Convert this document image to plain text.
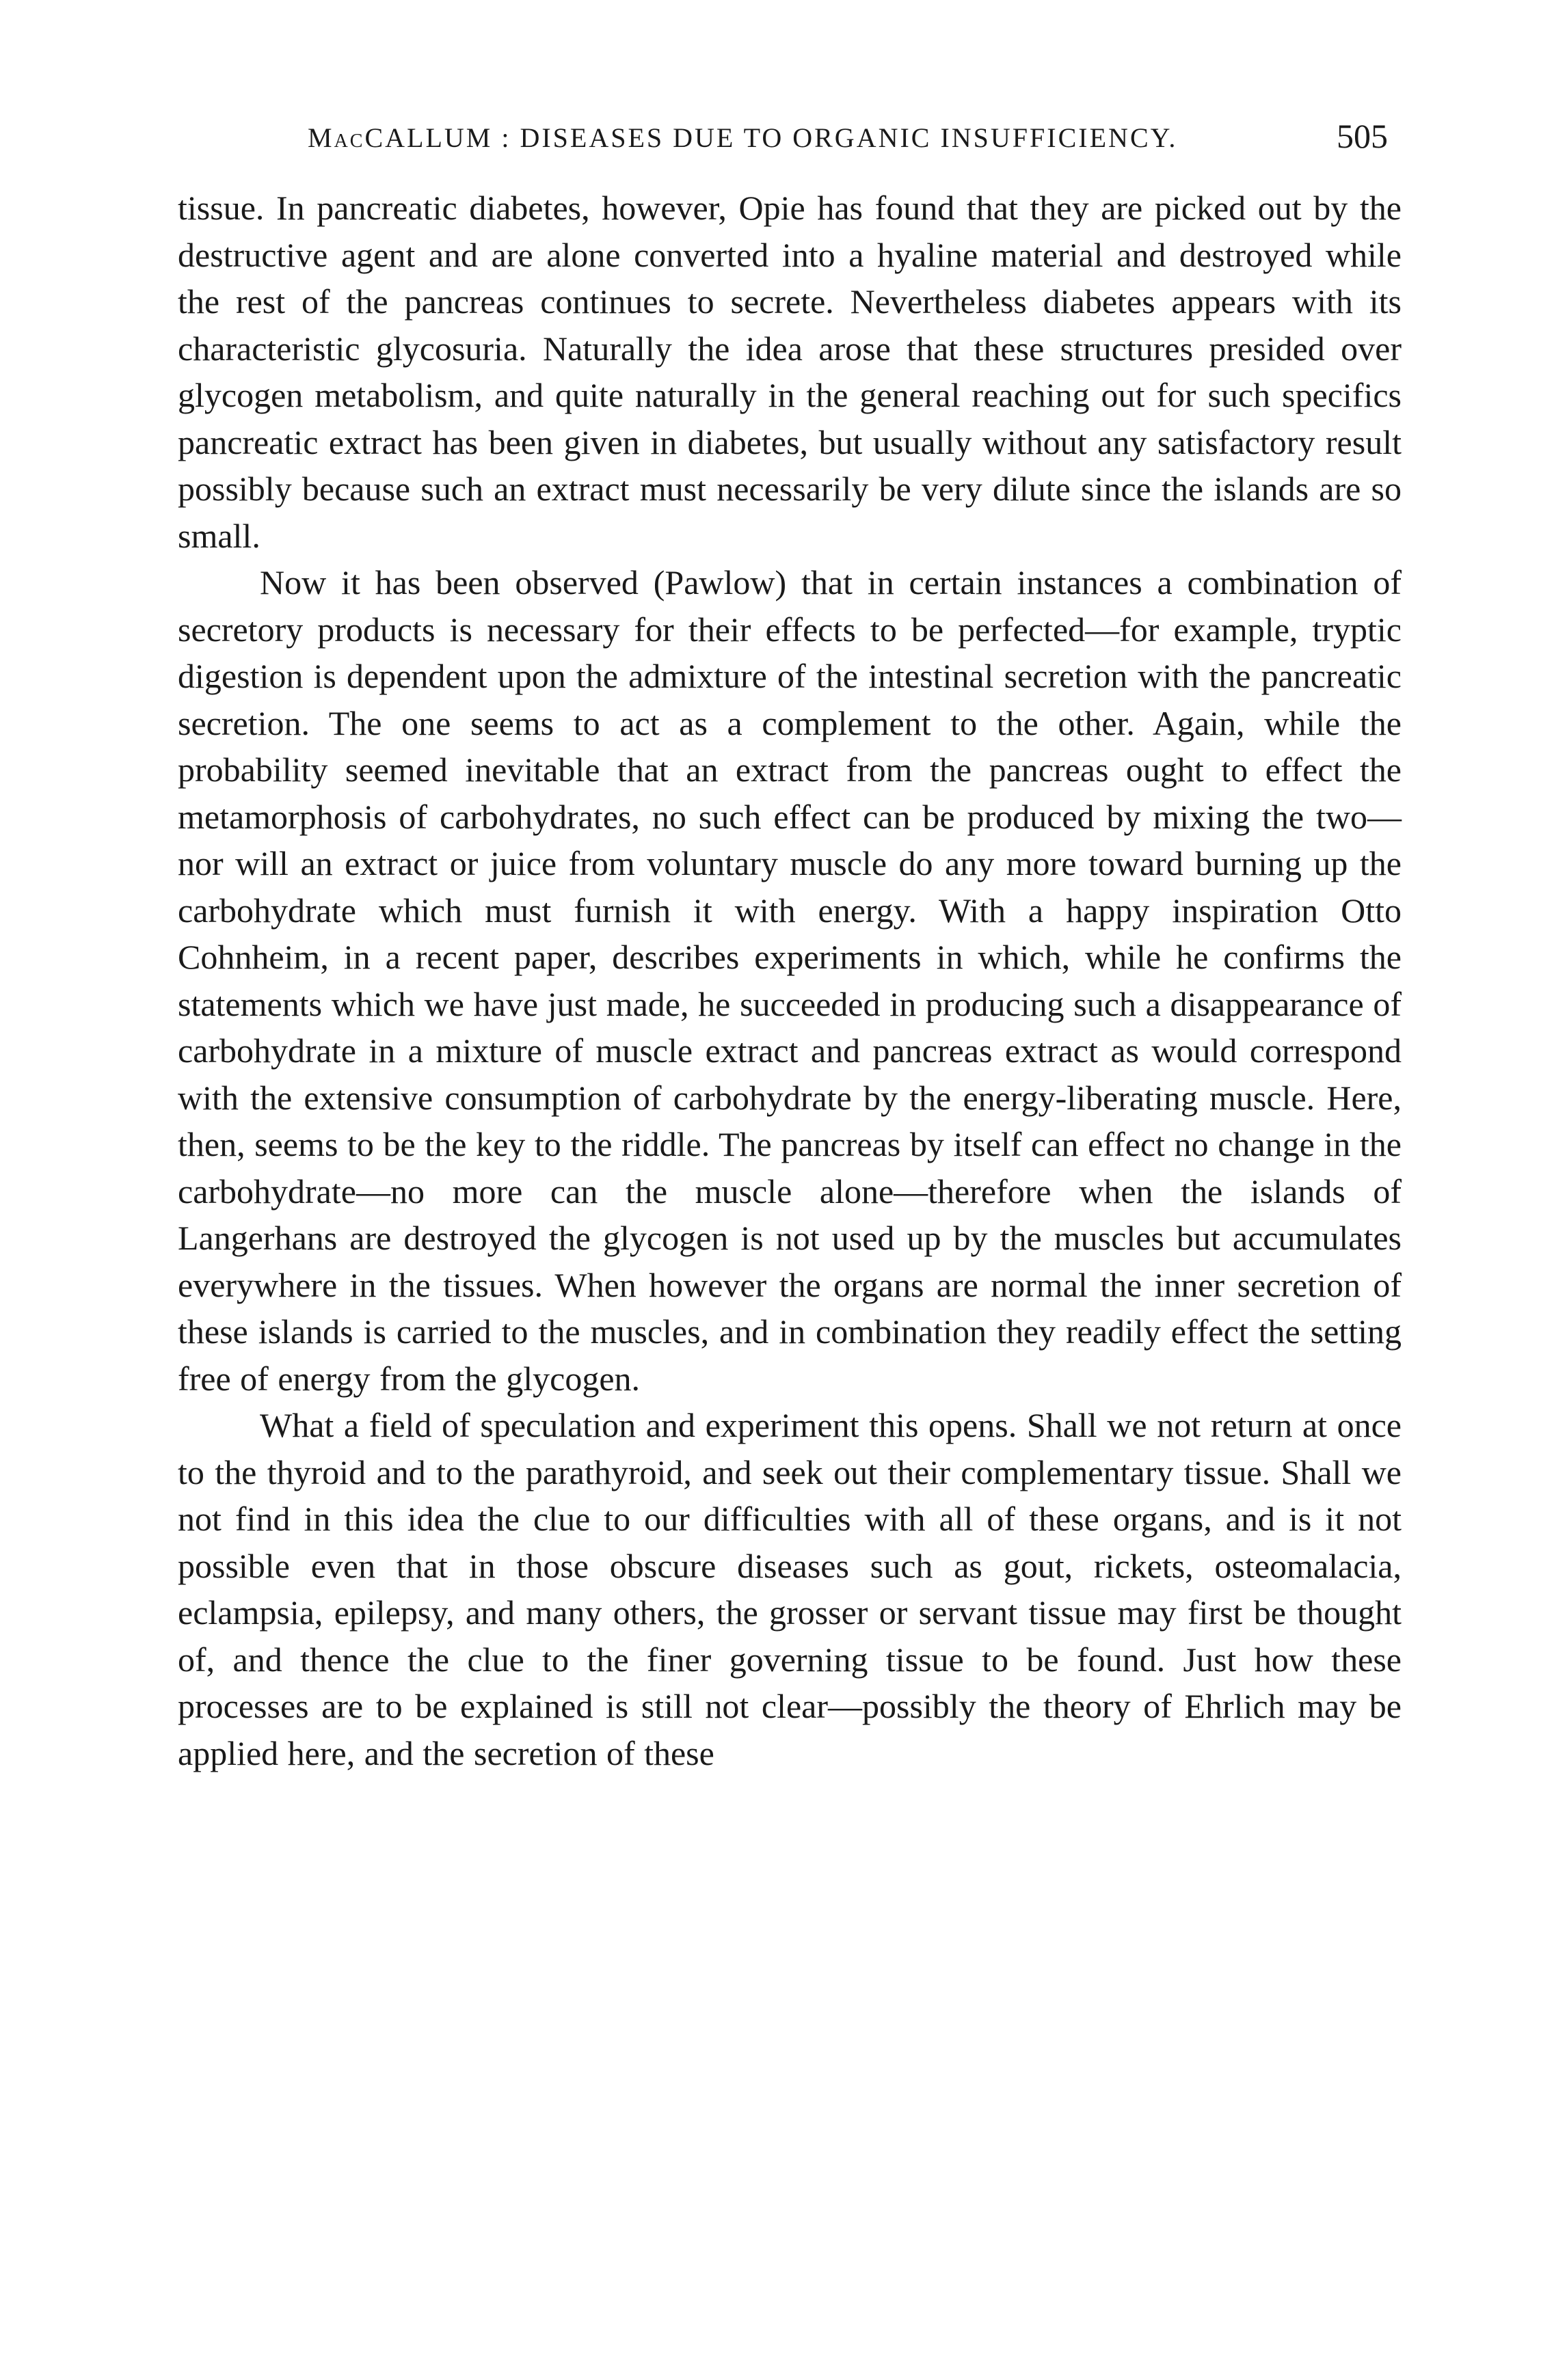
MacCALLUM : DISEASES DUE TO ORGANIC INSUFFICIENCY.	505

tissue. In pancreatic diabetes, however, Opie has found that they are picked out by the destructive agent and are alone converted into a hyaline material and destroyed while the rest of the pancreas continues to secrete. Nevertheless diabetes appears with its characteristic glycosuria. Naturally the idea arose that these structures presided over glycogen metabolism, and quite naturally in the general reaching out for such specifics pancreatic extract has been given in diabetes, but usually without any satisfactory result possibly because such an extract must necessarily be very dilute since the islands are so small.

Now it has been observed (Pawlow) that in certain instances a combination of secretory products is necessary for their effects to be perfected—for example, tryptic digestion is dependent upon the admixture of the intestinal secretion with the pancreatic secretion. The one seems to act as a complement to the other. Again, while the probability seemed inevitable that an extract from the pancreas ought to effect the metamorphosis of carbohydrates, no such effect can be produced by mixing the two—nor will an extract or juice from voluntary muscle do any more toward burning up the carbohydrate which must furnish it with energy. With a happy inspiration Otto Cohnheim, in a recent paper, describes experiments in which, while he confirms the statements which we have just made, he succeeded in producing such a disappearance of carbohydrate in a mixture of muscle extract and pancreas extract as would correspond with the extensive consumption of carbohydrate by the energy-liberating muscle. Here, then, seems to be the key to the riddle. The pancreas by itself can effect no change in the carbohydrate—no more can the muscle alone—therefore when the islands of Langerhans are destroyed the glycogen is not used up by the muscles but accumulates everywhere in the tissues. When however the organs are normal the inner secretion of these islands is carried to the muscles, and in combination they readily effect the setting free of energy from the glycogen.

What a field of speculation and experiment this opens. Shall we not return at once to the thyroid and to the parathyroid, and seek out their complementary tissue. Shall we not find in this idea the clue to our difficulties with all of these organs, and is it not possible even that in those obscure diseases such as gout, rickets, osteomalacia, eclampsia, epilepsy, and many others, the grosser or servant tissue may first be thought of, and thence the clue to the finer governing tissue to be found. Just how these processes are to be explained is still not clear—possibly the theory of Ehrlich may be applied here, and the secretion of these
